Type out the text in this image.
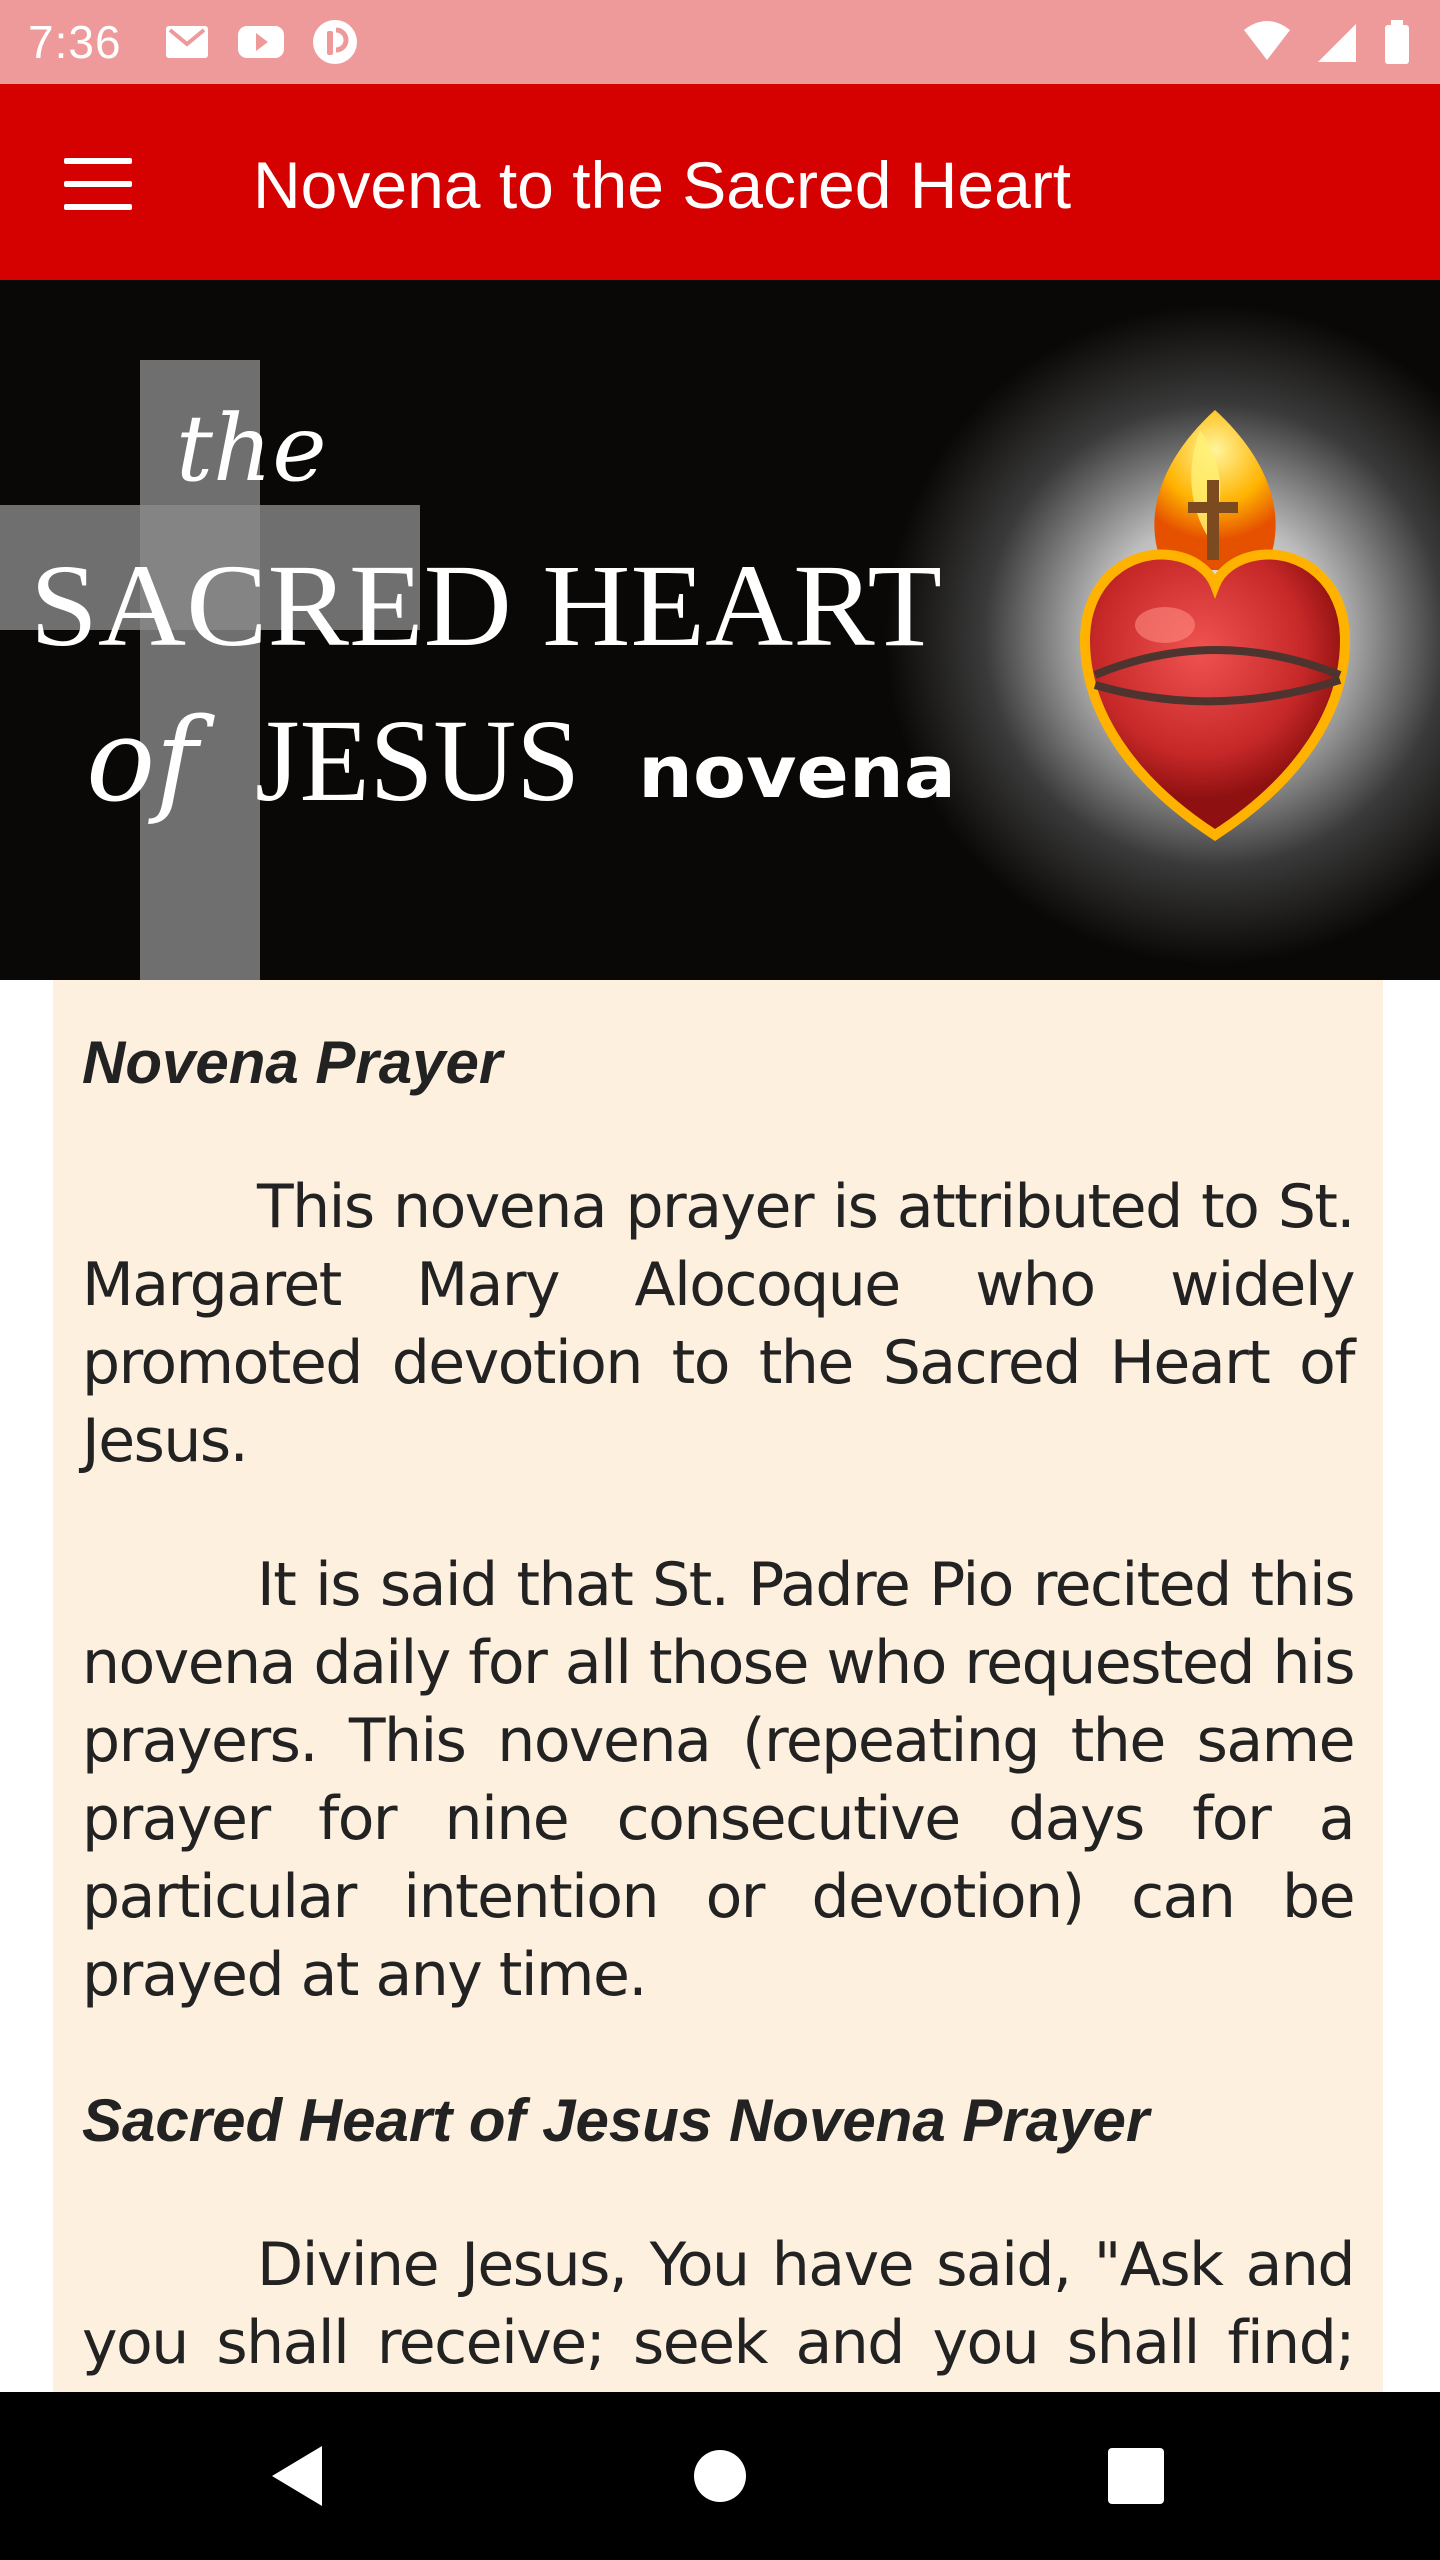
7:36
Novena to the Sacred Heart
the
SACRED HEART
of JESUS novena

Novena Prayer

This novena prayer is attributed to St. Margaret Mary Alocoque who widely promoted devotion to the Sacred Heart of Jesus.

It is said that St. Padre Pio recited this novena daily for all those who requested his prayers. This novena (repeating the same prayer for nine consecutive days for a particular intention or devotion) can be prayed at any time.

Sacred Heart of Jesus Novena Prayer

Divine Jesus, You have said, "Ask and you shall receive; seek and you shall find;
